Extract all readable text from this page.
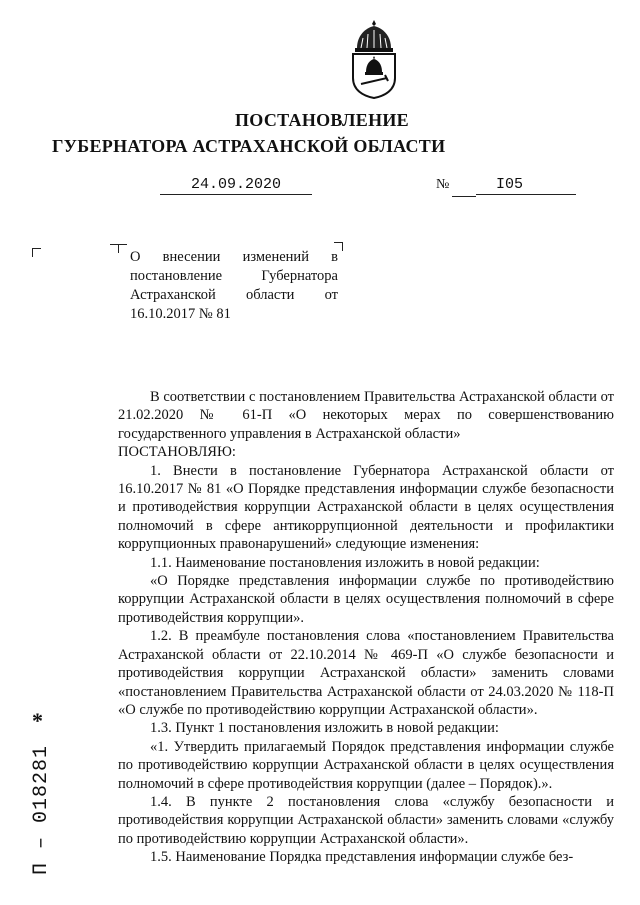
ПОСТАНОВЛЕНИЕ
ГУБЕРНАТОРА АСТРАХАНСКОЙ ОБЛАСТИ
24.09.2020	№	I05
О внесении изменений в
постановление Губернатора
Астраханской области от
16.10.2017 № 81

В соответствии с постановлением Правительства Астраханской области от 21.02.2020 № 61-П «О некоторых мерах по совершенствованию государственного управления в Астраханской области»

ПОСТАНОВЛЯЮ:

1. Внести в постановление Губернатора Астраханской области от 16.10.2017 № 81 «О Порядке представления информации службе безопасности и противодействия коррупции Астраханской области в целях осуществления полномочий в сфере антикоррупционной деятельности и профилактики коррупционных правонарушений» следующие изменения:

1.1. Наименование постановления изложить в новой редакции:

«О Порядке представления информации службе по противодействию коррупции Астраханской области в целях осуществления полномочий в сфере противодействия коррупции».

1.2. В преамбуле постановления слова «постановлением Правительства Астраханской области от 22.10.2014 № 469-П «О службе безопасности и противодействия коррупции Астраханской области» заменить словами «постановлением Правительства Астраханской области от 24.03.2020 № 118-П «О службе по противодействию коррупции Астраханской области».

1.3. Пункт 1 постановления изложить в новой редакции:

«1. Утвердить прилагаемый Порядок представления информации службе по противодействию коррупции Астраханской области в целях осуществления полномочий в сфере противодействия коррупции (далее – Порядок).».

1.4. В пункте 2 постановления слова «службу безопасности и противодействия коррупции Астраханской области» заменить словами «службу по противодействию коррупции Астраханской области».

1.5. Наименование Порядка представления информации службе без-

*
П – 018281
